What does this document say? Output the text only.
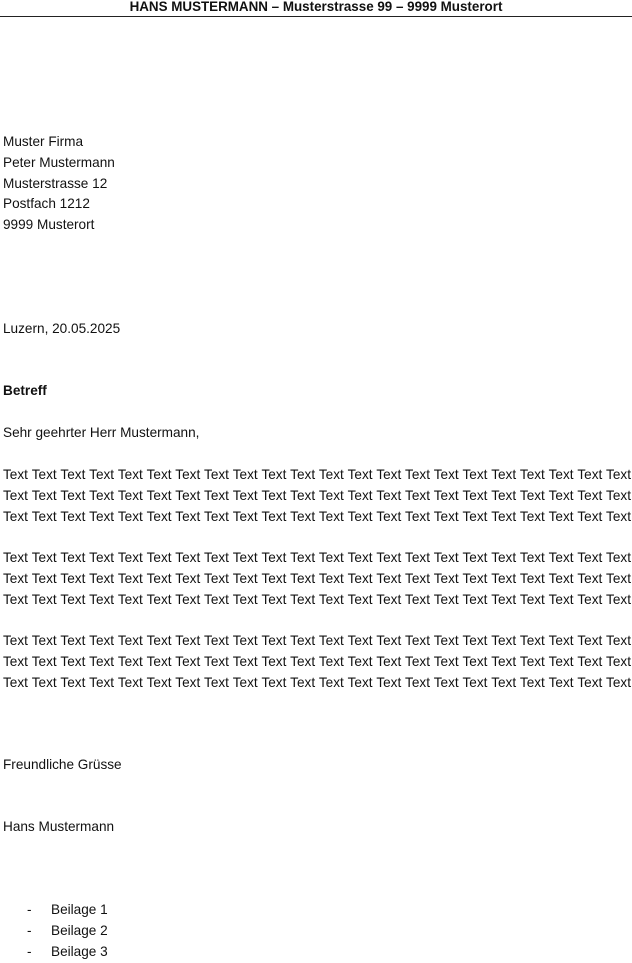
HANS MUSTERMANN – Musterstrasse 99 – 9999 Musterort
Muster Firma
Peter Mustermann
Musterstrasse 12
Postfach 1212
9999 Musterort
Luzern, 20.05.2025
Betreff
Sehr geehrter Herr Mustermann,
Text Text Text Text Text Text Text Text Text Text Text Text Text Text Text Text Text Text Text Text Text Text Text Text Text Text Text Text Text Text Text Text Text Text Text Text Text Text Text Text Text Text Text Text Text Text Text Text Text Text Text Text Text Text Text Text Text Text Text Text Text Text Text Text Text Text
Text Text Text Text Text Text Text Text Text Text Text Text Text Text Text Text Text Text Text Text Text Text Text Text Text Text Text Text Text Text Text Text Text Text Text Text Text Text Text Text Text Text Text Text Text Text Text Text Text Text Text Text Text Text Text Text Text Text Text Text Text Text Text Text Text Text
Text Text Text Text Text Text Text Text Text Text Text Text Text Text Text Text Text Text Text Text Text Text Text Text Text Text Text Text Text Text Text Text Text Text Text Text Text Text Text Text Text Text Text Text Text Text Text Text Text Text Text Text Text Text Text Text Text Text Text Text Text Text Text Text Text Text
Freundliche Grüsse
Hans Mustermann
- Beilage 1
- Beilage 2
- Beilage 3
